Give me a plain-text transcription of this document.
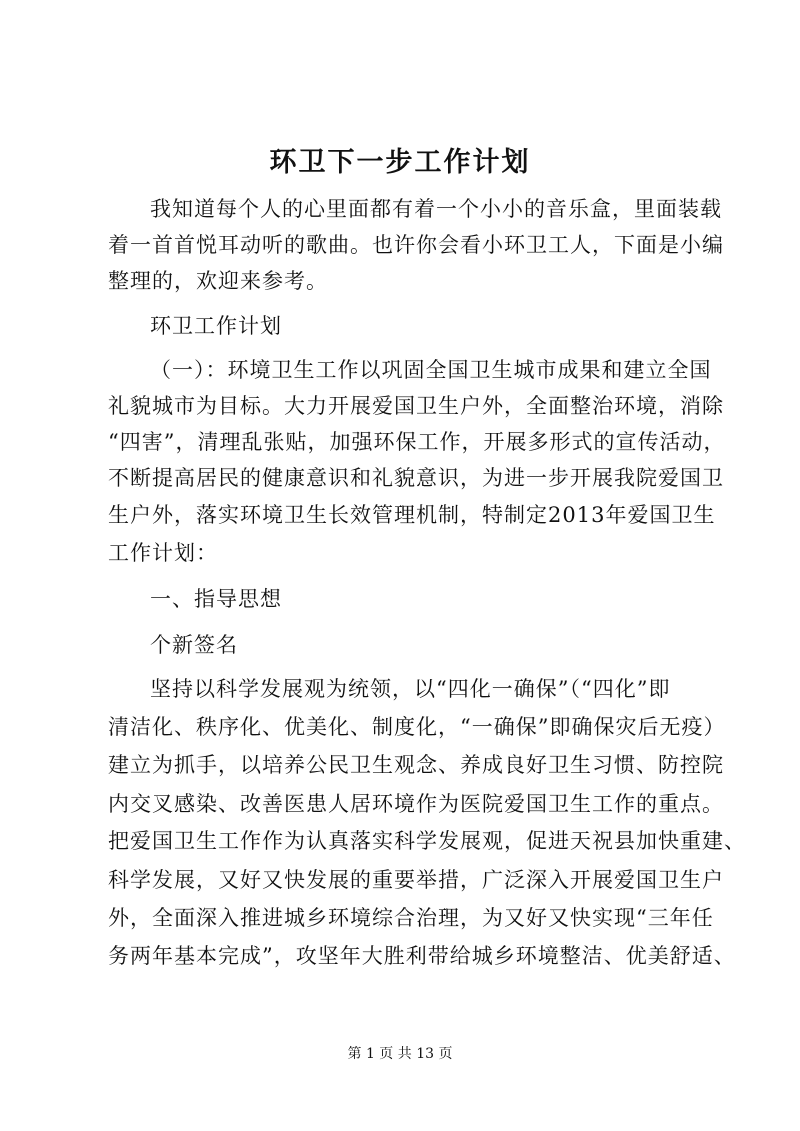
环卫下一步工作计划
我知道每个人的心里面都有着一个小小的音乐盒，里面装载
着一首首悦耳动听的歌曲。也许你会看小环卫工人，下面是小编
整理的，欢迎来参考。
环卫工作计划
（一）：环境卫生工作以巩固全国卫生城市成果和建立全国
礼貌城市为目标。大力开展爱国卫生户外，全面整治环境，消除
“四害”，清理乱张贴，加强环保工作，开展多形式的宣传活动，
不断提高居民的健康意识和礼貌意识，为进一步开展我院爱国卫
生户外，落实环境卫生长效管理机制，特制定2013年爱国卫生
工作计划：
一、指导思想
个新签名
坚持以科学发展观为统领，以“四化一确保”（“四化”即
清洁化、秩序化、优美化、制度化，“一确保”即确保灾后无疫）
建立为抓手，以培养公民卫生观念、养成良好卫生习惯、防控院
内交叉感染、改善医患人居环境作为医院爱国卫生工作的重点。
把爱国卫生工作作为认真落实科学发展观，促进天祝县加快重建、
科学发展，又好又快发展的重要举措，广泛深入开展爱国卫生户
外，全面深入推进城乡环境综合治理，为又好又快实现“三年任
务两年基本完成”，攻坚年大胜利带给城乡环境整洁、优美舒适、
第 1 页 共 13 页
